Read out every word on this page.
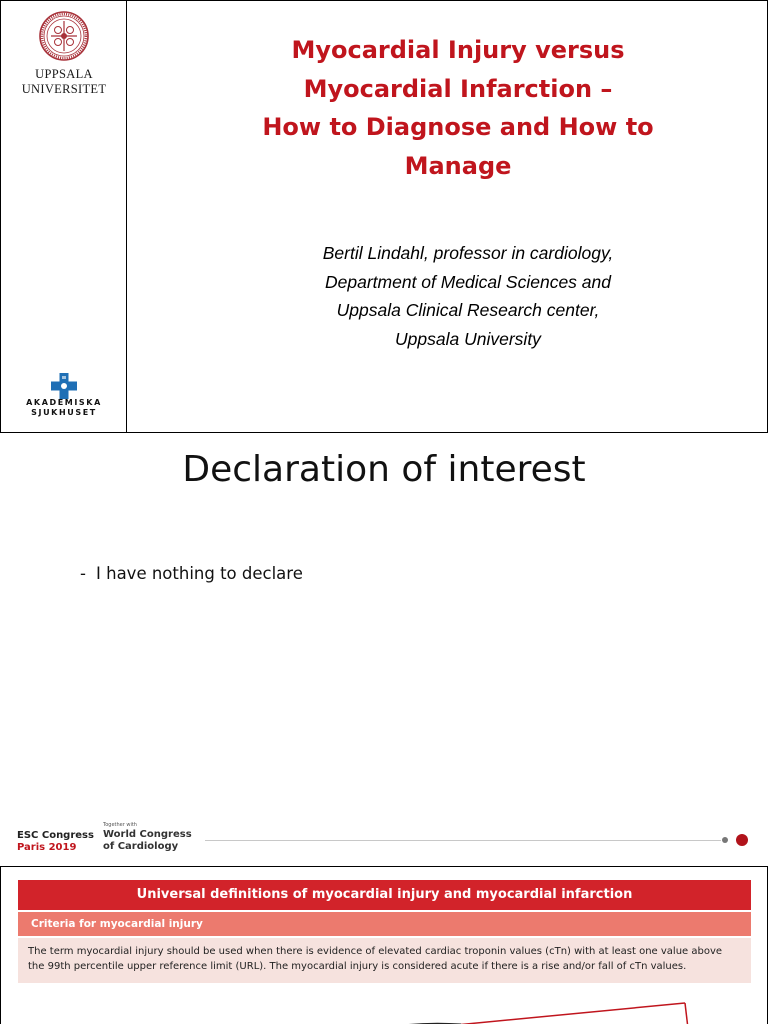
UPPSALA
UNIVERSITET
AKADEMISKA
SJUKHUSET
Myocardial Injury versus
Myocardial Infarction –
How to Diagnose and How to
Manage
Bertil Lindahl, professor in cardiology,
Department of Medical Sciences and
Uppsala Clinical Research center,
Uppsala University
Declaration of interest
- I have nothing to declare
ESC Congress
Paris 2019
Together with
World Congress
of Cardiology
Universal definitions of myocardial injury and myocardial infarction
Criteria for myocardial injury
The term myocardial injury should be used when there is evidence of elevated cardiac troponin values (cTn) with at least one value above
the 99th percentile upper reference limit (URL). The myocardial injury is considered acute if there is a rise and/or fall of cTn values.
